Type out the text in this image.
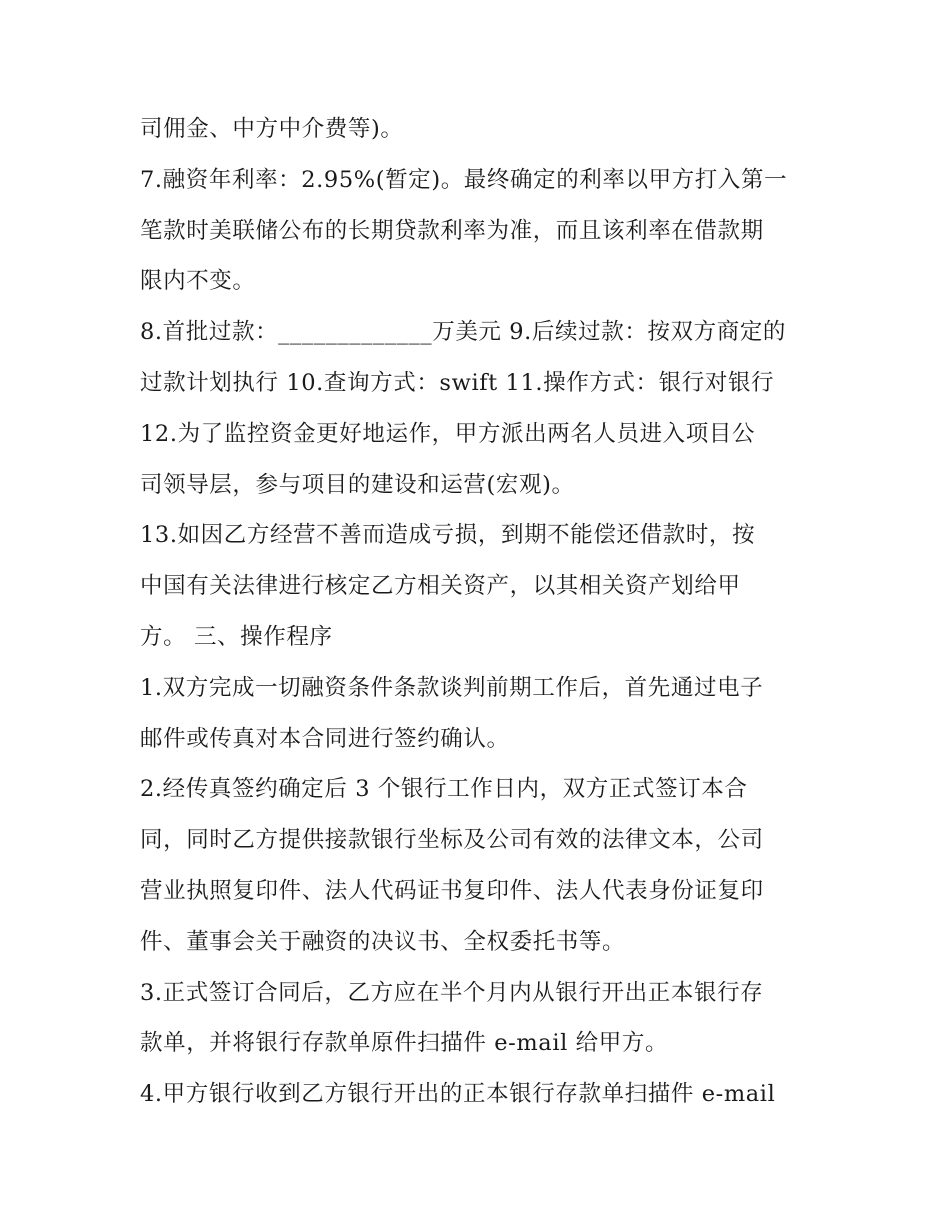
司佣金、中方中介费等)。
7.融资年利率：2.95%(暂定)。最终确定的利率以甲方打入第一
笔款时美联储公布的长期贷款利率为准，而且该利率在借款期
限内不变。
8.首批过款：_____________万美元 9.后续过款：按双方商定的
过款计划执行 10.查询方式：swift 11.操作方式：银行对银行
12.为了监控资金更好地运作，甲方派出两名人员进入项目公
司领导层，参与项目的建设和运营(宏观)。
13.如因乙方经营不善而造成亏损，到期不能偿还借款时，按
中国有关法律进行核定乙方相关资产，以其相关资产划给甲
方。 三、操作程序
1.双方完成一切融资条件条款谈判前期工作后，首先通过电子
邮件或传真对本合同进行签约确认。
2.经传真签约确定后 3 个银行工作日内，双方正式签订本合
同，同时乙方提供接款银行坐标及公司有效的法律文本，公司
营业执照复印件、法人代码证书复印件、法人代表身份证复印
件、董事会关于融资的决议书、全权委托书等。
3.正式签订合同后，乙方应在半个月内从银行开出正本银行存
款单，并将银行存款单原件扫描件 e-mail 给甲方。
4.甲方银行收到乙方银行开出的正本银行存款单扫描件 e-mail
